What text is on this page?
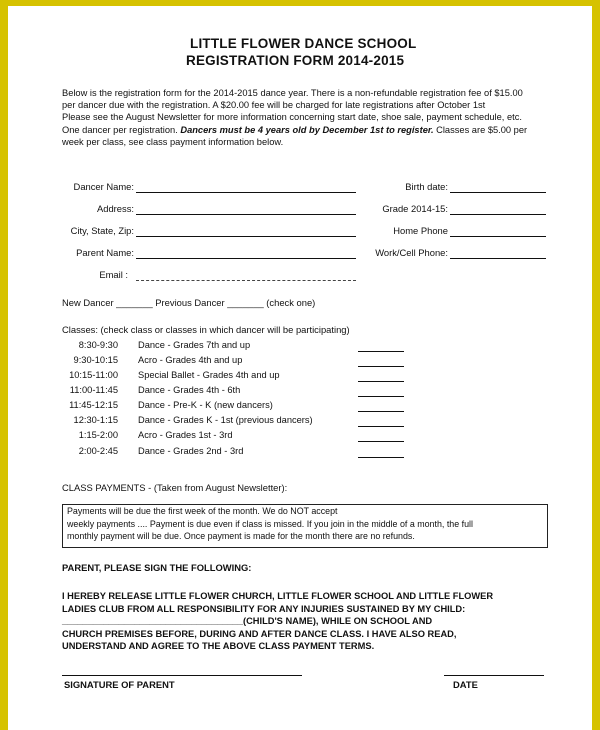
LITTLE FLOWER DANCE SCHOOL
REGISTRATION FORM 2014-2015
Below is the registration form for the 2014-2015 dance year. There is a non-refundable registration fee of $15.00
per dancer due with the registration. A $20.00 fee will be charged for late registrations after October 1st
Please see the August Newsletter for more information concerning start date, shoe sale, payment schedule, etc.
One dancer per registration. Dancers must be 4 years old by December 1st to register. Classes are $5.00 per
week per class, see class payment information below.
Dancer Name:
Address:
City, State, Zip:
Parent Name:
Email :
Birth date:
Grade 2014-15:
Home Phone
Work/Cell Phone:
New Dancer _______ Previous Dancer _______ (check one)
Classes: (check class or classes in which dancer will be participating)
8:30-9:30 Dance - Grades 7th and up
9:30-10:15 Acro - Grades 4th and up
10:15-11:00 Special Ballet - Grades 4th and up
11:00-11:45 Dance - Grades 4th - 6th
11:45-12:15 Dance - Pre-K - K (new dancers)
12:30-1:15 Dance - Grades K - 1st (previous dancers)
1:15-2:00 Acro - Grades 1st - 3rd
2:00-2:45 Dance - Grades 2nd - 3rd
CLASS PAYMENTS - (Taken from August Newsletter):
Payments will be due the first week of the month. We do NOT accept
weekly payments .... Payment is due even if class is missed. If you join in the middle of a month, the full
monthly payment will be due. Once payment is made for the month there are no refunds.
PARENT, PLEASE SIGN THE FOLLOWING:
I HEREBY RELEASE LITTLE FLOWER CHURCH, LITTLE FLOWER SCHOOL AND LITTLE FLOWER
LADIES CLUB FROM ALL RESPONSIBILITY FOR ANY INJURIES SUSTAINED BY MY CHILD:
___________________________________(CHILD'S NAME), WHILE ON SCHOOL AND
CHURCH PREMISES BEFORE, DURING AND AFTER DANCE CLASS. I HAVE ALSO READ,
UNDERSTAND AND AGREE TO THE ABOVE CLASS PAYMENT TERMS.
SIGNATURE OF PARENT	DATE
